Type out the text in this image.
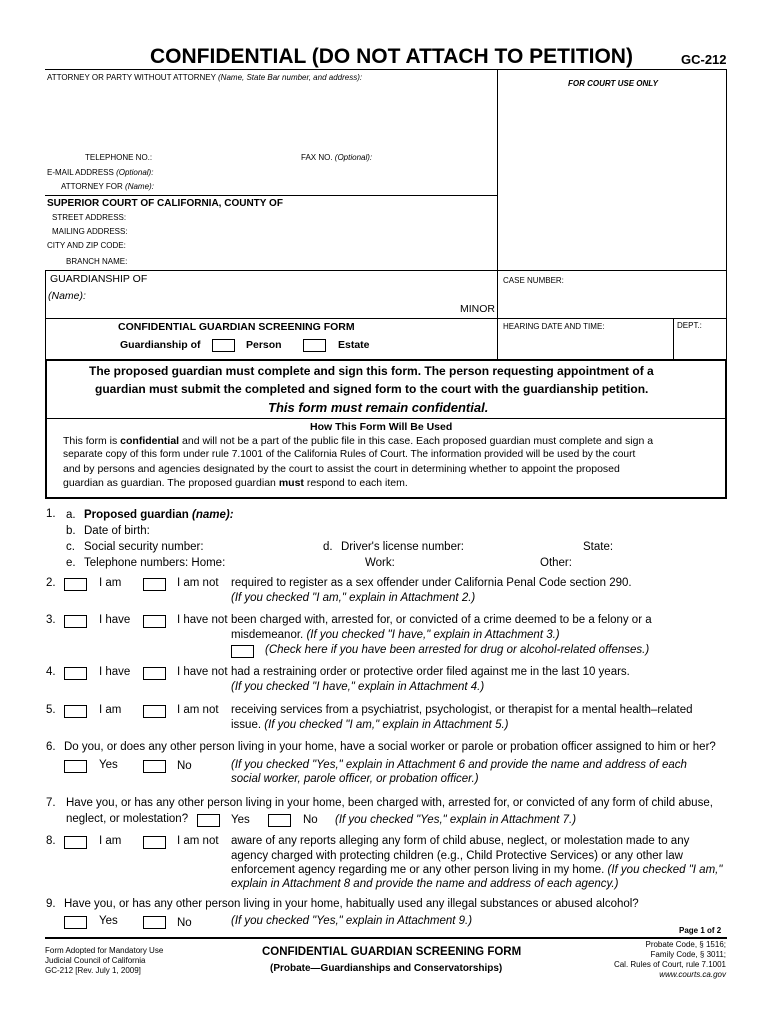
CONFIDENTIAL (DO NOT ATTACH TO PETITION)	GC-212
ATTORNEY OR PARTY WITHOUT ATTORNEY (Name, State Bar number, and address):
FOR COURT USE ONLY
TELEPHONE NO.:	FAX NO. (Optional):
E-MAIL ADDRESS (Optional):
ATTORNEY FOR (Name):
SUPERIOR COURT OF CALIFORNIA, COUNTY OF
STREET ADDRESS:
MAILING ADDRESS:
CITY AND ZIP CODE:
BRANCH NAME:
GUARDIANSHIP OF
(Name):
MINOR
CASE NUMBER:
CONFIDENTIAL GUARDIAN SCREENING FORM
Guardianship of	Person	Estate
HEARING DATE AND TIME:	DEPT.:
The proposed guardian must complete and sign this form. The person requesting appointment of a
guardian must submit the completed and signed form to the court with the guardianship petition.
This form must remain confidential.
How This Form Will Be Used
This form is confidential and will not be a part of the public file in this case. Each proposed guardian must complete and sign a
separate copy of this form under rule 7.1001 of the California Rules of Court. The information provided will be used by the court
and by persons and agencies designated by the court to assist the court in determining whether to appoint the proposed
guardian as guardian. The proposed guardian must respond to each item.
1. a. Proposed guardian (name):
b. Date of birth:
c. Social security number:	d. Driver's license number:	State:
e. Telephone numbers: Home:	Work:	Other:
2.	I am	I am not required to register as a sex offender under California Penal Code section 290.
(If you checked "I am," explain in Attachment 2.)
3.	I have	I have not been charged with, arrested for, or convicted of a crime deemed to be a felony or a
misdemeanor. (If you checked "I have," explain in Attachment 3.)
(Check here if you have been arrested for drug or alcohol-related offenses.)
4.	I have	I have not had a restraining order or protective order filed against me in the last 10 years.
(If you checked "I have," explain in Attachment 4.)
5.	I am	I am not receiving services from a psychiatrist, psychologist, or therapist for a mental health–related
issue. (If you checked "I am," explain in Attachment 5.)
6. Do you, or does any other person living in your home, have a social worker or parole or probation officer assigned to him or her?
Yes	No	(If you checked "Yes," explain in Attachment 6 and provide the name and address of each
social worker, parole officer, or probation officer.)
7. Have you, or has any other person living in your home, been charged with, arrested for, or convicted of any form of child abuse,
neglect, or molestation?	Yes	No (If you checked "Yes," explain in Attachment 7.)
8.	I am	I am not aware of any reports alleging any form of child abuse, neglect, or molestation made to any
agency charged with protecting children (e.g., Child Protective Services) or any other law
enforcement agency regarding me or any other person living in my home. (If you checked "I am,"
explain in Attachment 8 and provide the name and address of each agency.)
9. Have you, or has any other person living in your home, habitually used any illegal substances or abused alcohol?
Yes	No	(If you checked "Yes," explain in Attachment 9.)
Page 1 of 2
Form Adopted for Mandatory Use
Judicial Council of California
GC-212 [Rev. July 1, 2009]
CONFIDENTIAL GUARDIAN SCREENING FORM
(Probate—Guardianships and Conservatorships)
Probate Code, § 1516;
Family Code, § 3011;
Cal. Rules of Court, rule 7.1001
www.courts.ca.gov
